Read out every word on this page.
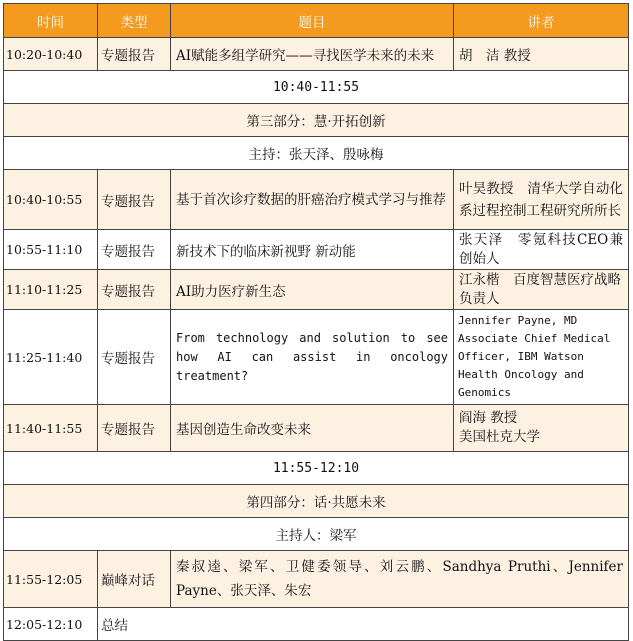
时间	类型	题目	讲者
10:20-10:40	专题报告	AI赋能多组学研究——寻找医学未来的未来	胡　洁 教授
10:40-11:55			
第三部分：慧·开拓创新			
主持：张天泽、殷咏梅			
10:40-10:55	专题报告	基于首次诊疗数据的肝癌治疗模式学习与推荐	叶昊教授　清华大学自动化系过程控制工程研究所所长
10:55-11:10	专题报告	新技术下的临床新视野 新动能	张天泽　零氪科技CEO兼创始人
11:10-11:25	专题报告	AI助力医疗新生态	江永楷　百度智慧医疗战略负责人
11:25-11:40	专题报告	From technology and solution to see how AI can assist in oncology treatment?	Jennifer Payne, MD Associate Chief Medical Officer, IBM Watson Health Oncology and Genomics
11:40-11:55	专题报告	基因创造生命改变未来	阎海 教授
美国杜克大学

11:55-12:10			
第四部分：话·共愿未来			
主持人：梁军			
11:55-12:05	巅峰对话	秦叔逵、梁军、卫健委领导、刘云鹏、Sandhya Pruthi、Jennifer Payne、张天泽、朱宏	
12:05-12:10	总结		
